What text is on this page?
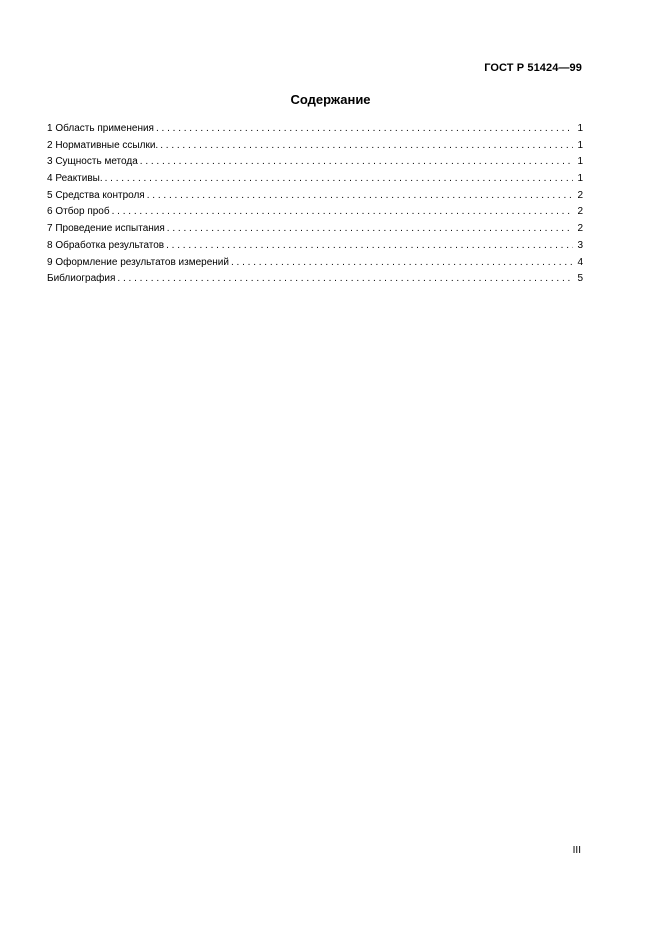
ГОСТ Р 51424—99
Содержание
1 Область применения . . .	1
2 Нормативные ссылки. . . .	1
3 Сущность метода . . .	1
4 Реактивы. . . .	1
5 Средства контроля . . .	2
6 Отбор проб . . .	2
7 Проведение испытания . . .	2
8 Обработка результатов . . .	3
9 Оформление результатов измерений . . .	4
Библиография . . .	5
III
